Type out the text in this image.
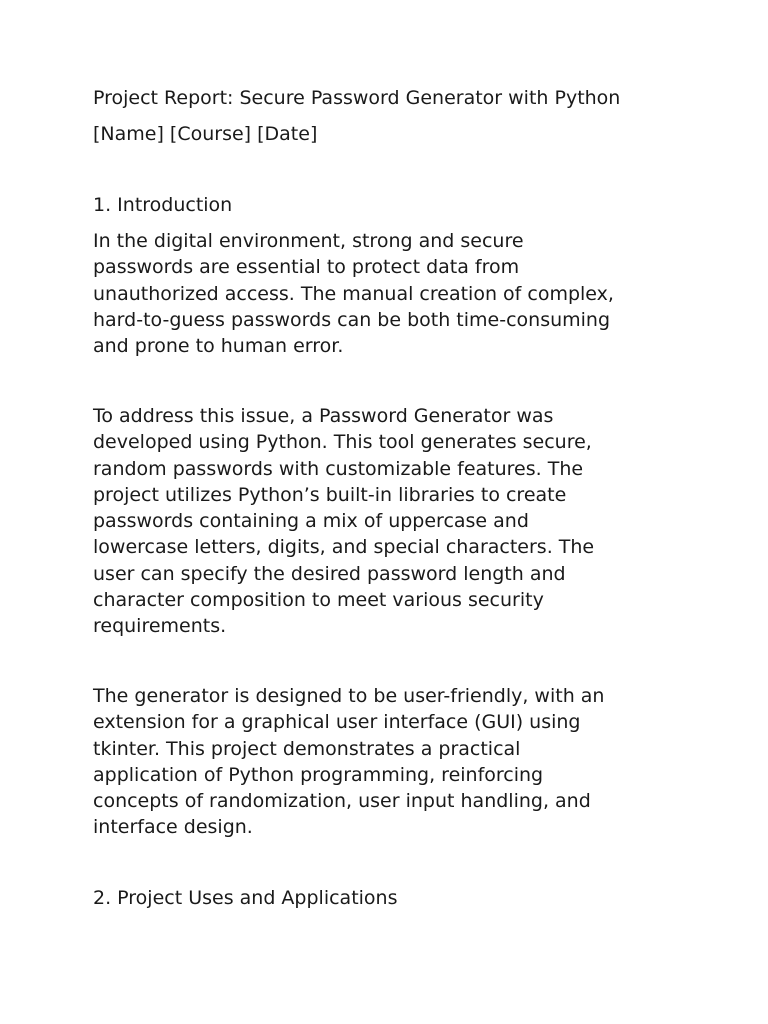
Project Report: Secure Password Generator with Python
[Name] [Course] [Date]
1. Introduction
In the digital environment, strong and secure
passwords are essential to protect data from
unauthorized access. The manual creation of complex,
hard-to-guess passwords can be both time-consuming
and prone to human error.
To address this issue, a Password Generator was
developed using Python. This tool generates secure,
random passwords with customizable features. The
project utilizes Python’s built-in libraries to create
passwords containing a mix of uppercase and
lowercase letters, digits, and special characters. The
user can specify the desired password length and
character composition to meet various security
requirements.
The generator is designed to be user-friendly, with an
extension for a graphical user interface (GUI) using
tkinter. This project demonstrates a practical
application of Python programming, reinforcing
concepts of randomization, user input handling, and
interface design.
2. Project Uses and Applications
